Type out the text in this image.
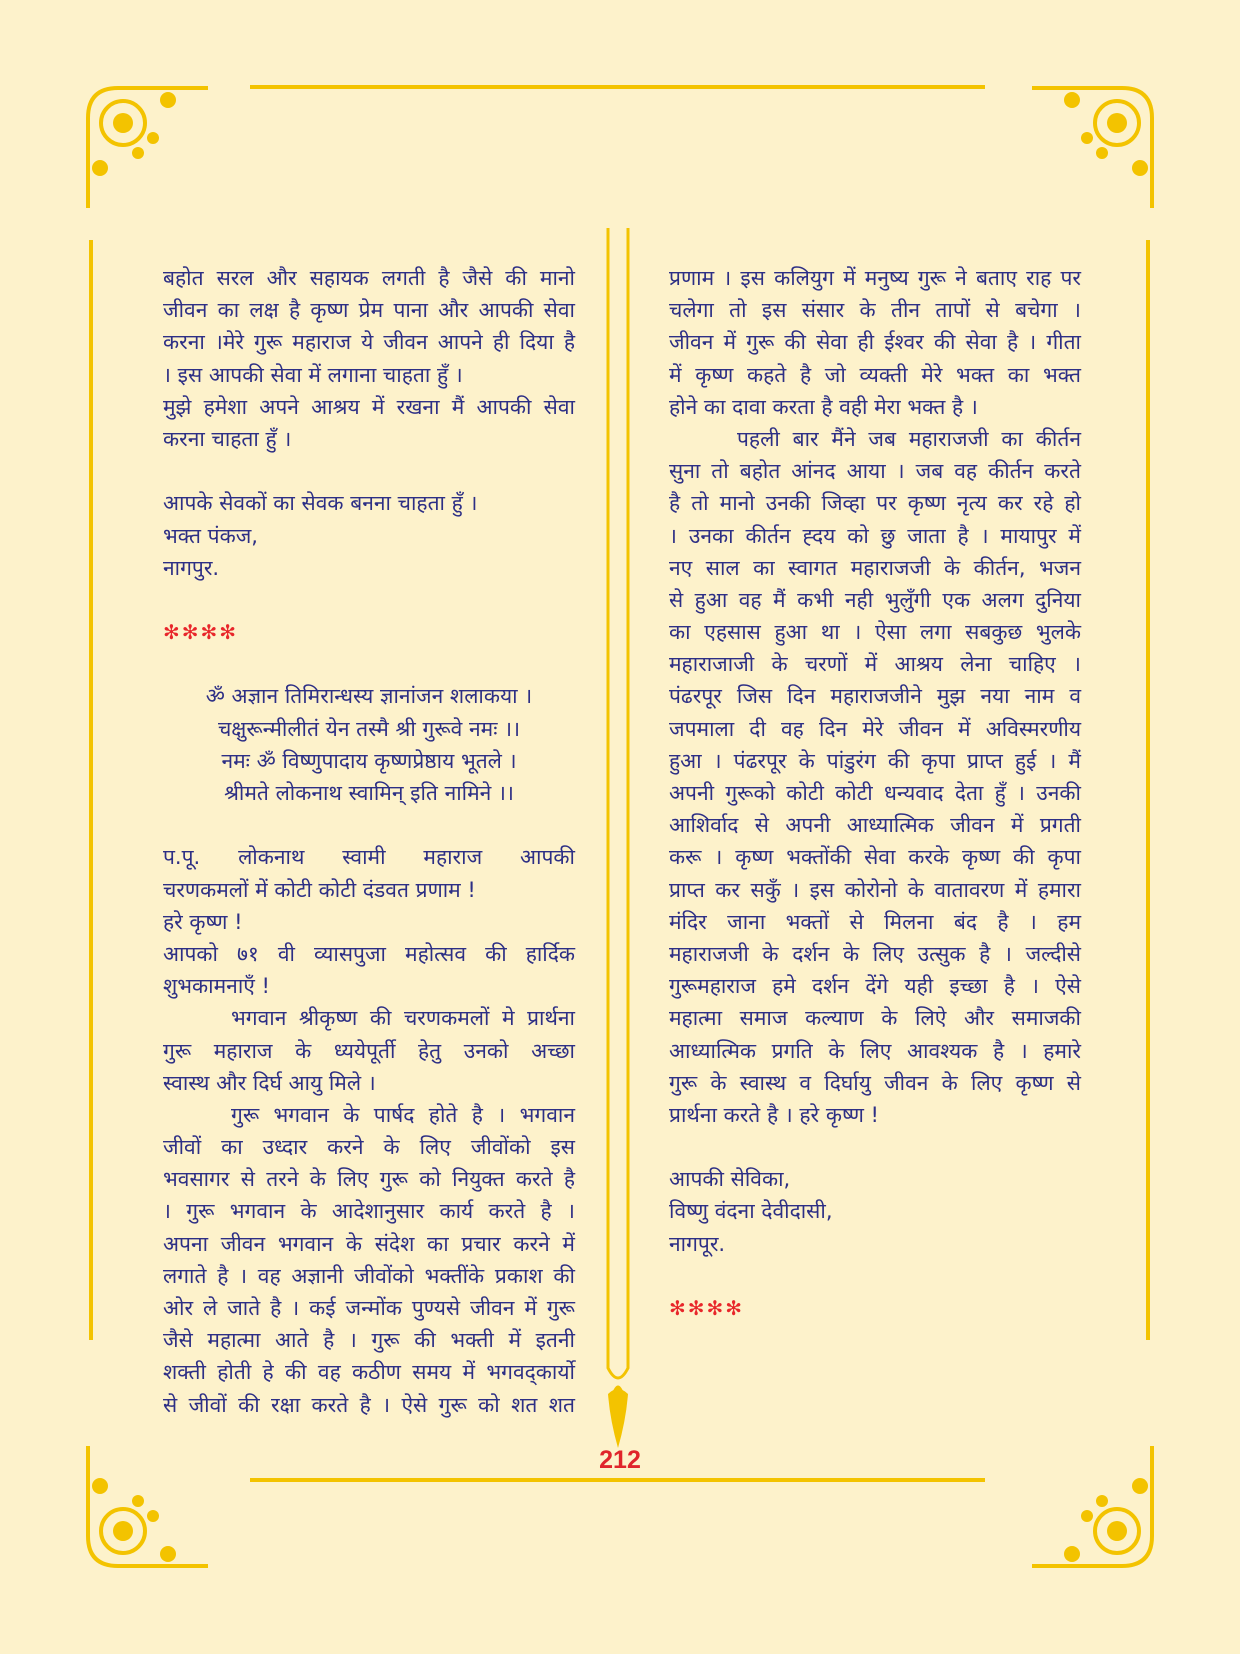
बहोत सरल और सहायक लगती है जैसे की मानो
जीवन का लक्ष है कृष्ण प्रेम पाना और आपकी सेवा
करना ।मेरे गुरू महाराज ये जीवन आपने ही दिया है
। इस आपकी सेवा में लगाना चाहता हुँ ।
मुझे हमेशा अपने आश्रय में रखना मैं आपकी सेवा
करना चाहता हुँ ।
आपके सेवकों का सेवक बनना चाहता हुँ ।
भक्त पंकज,
नागपुर.
✻✻✻✻
ॐ अज्ञान तिमिरान्धस्य ज्ञानांजन शलाकया ।
चक्षुरून्मीलीतं येन तस्मै श्री गुरूवे नमः ।।
नमः ॐ विष्णुपादाय कृष्णप्रेष्ठाय भूतले ।
श्रीमते लोकनाथ स्वामिन् इति नामिने ।।
प.पू. लोकनाथ स्वामी महाराज आपकी
चरणकमलों में कोटी कोटी दंडवत प्रणाम !
हरे कृष्ण !
आपको ७१ वी व्यासपुजा महोत्सव की हार्दिक
शुभकामनाएँ !
भगवान श्रीकृष्ण की चरणकमलों मे प्रार्थना
गुरू महाराज के ध्ययेपूर्ती हेतु उनको अच्छा
स्वास्थ और दिर्घ आयु मिले ।
गुरू भगवान के पार्षद होते है । भगवान
जीवों का उध्दार करने के लिए जीवोंको इस
भवसागर से तरने के लिए गुरू को नियुक्त करते है
। गुरू भगवान के आदेशानुसार कार्य करते है ।
अपना जीवन भगवान के संदेश का प्रचार करने में
लगाते है । वह अज्ञानी जीवोंको भक्तींके प्रकाश की
ओर ले जाते है । कई जन्मोंक पुण्यसे जीवन में गुरू
जैसे महात्मा आते है । गुरू की भक्ती में इतनी
शक्ती होती हे की वह कठीण समय में भगवद्कार्यो
से जीवों की रक्षा करते है । ऐसे गुरू को शत शत
प्रणाम । इस कलियुग में मनुष्य गुरू ने बताए राह पर
चलेगा तो इस संसार के तीन तापों से बचेगा ।
जीवन में गुरू की सेवा ही ईश्वर की सेवा है । गीता
में कृष्ण कहते है जो व्यक्ती मेरे भक्त का भक्त
होने का दावा करता है वही मेरा भक्त है ।
पहली बार मैंने जब महाराजजी का कीर्तन
सुना तो बहोत आंनद आया । जब वह कीर्तन करते
है तो मानो उनकी जिव्हा पर कृष्ण नृत्य कर रहे हो
। उनका कीर्तन ह्दय को छु जाता है । मायापुर में
नए साल का स्वागत महाराजजी के कीर्तन, भजन
से हुआ वह मैं कभी नही भुलुँगी एक अलग दुनिया
का एहसास हुआ था । ऐसा लगा सबकुछ भुलके
महाराजाजी के चरणों में आश्रय लेना चाहिए ।
पंढरपूर जिस दिन महाराजजीने मुझ नया नाम व
जपमाला दी वह दिन मेरे जीवन में अविस्मरणीय
हुआ । पंढरपूर के पांडुरंग की कृपा प्राप्त हुई । मैं
अपनी गुरूको कोटी कोटी धन्यवाद देता हुँ । उनकी
आशिर्वाद से अपनी आध्यात्मिक जीवन में प्रगती
करू । कृष्ण भक्तोंकी सेवा करके कृष्ण की कृपा
प्राप्त कर सकुँ । इस कोरोनो के वातावरण में हमारा
मंदिर जाना भक्तों से मिलना बंद है । हम
महाराजजी के दर्शन के लिए उत्सुक है । जल्दीसे
गुरूमहाराज हमे दर्शन देंगे यही इच्छा है । ऐसे
महात्मा समाज कल्याण के लिऐ और समाजकी
आध्यात्मिक प्रगति के लिए आवश्यक है । हमारे
गुरू के स्वास्थ व दिर्घायु जीवन के लिए कृष्ण से
प्रार्थना करते है । हरे कृष्ण !
आपकी सेविका,
विष्णु वंदना देवीदासी,
नागपूर.
✻✻✻✻
212
